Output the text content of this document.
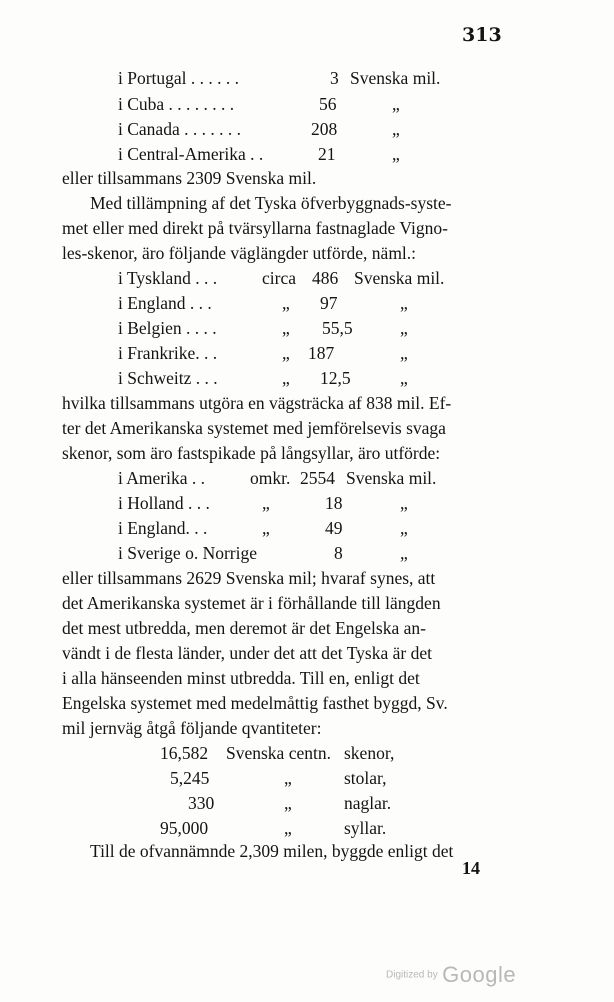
313
i Portugal . . . . . .	3 Svenska mil.
i Cuba . . . . . . . .	56	„
i Canada . . . . . . .	208	„
i Central-Amerika . .	21	„
eller tillsammans 2309 Svenska mil.
Med tillämpning af det Tyska öfverbyggnads-syste-
met eller med direkt på tvärsyllarna fastnaglade Vigno-
les-skenor, äro följande väglängder utförde, näml.:
i Tyskland . . .	circa 486 Svenska mil.
i England . . .	„ 97	„
i Belgien . . . .	„ 55,5	„
i Frankrike. . .	„ 187	„
i Schweitz . . .	„ 12,5	„
hvilka tillsammans utgöra en vägsträcka af 838 mil. Ef-
ter det Amerikanska systemet med jemförelsevis svaga
skenor, som äro fastspikade på långsyllar, äro utförde:
i Amerika . .	omkr. 2554 Svenska mil.
i Holland . . .	„	18	„
i England. . .	„	49	„
i Sverige o. Norrige	8	„
eller tillsammans 2629 Svenska mil; hvaraf synes, att
det Amerikanska systemet är i förhållande till längden
det mest utbredda, men deremot är det Engelska an-
vändt i de flesta länder, under det att det Tyska är det
i alla hänseenden minst utbredda. Till en, enligt det
Engelska systemet med medelmåttig fasthet byggd, Sv.
mil jernväg åtgå följande qvantiteter:
16,582 Svenska centn. skenor,
5,245	„	stolar,
330	„	naglar.
95,000	„	syllar.
Till de ofvannämnde 2,309 milen, byggde enligt det
14
Digitized by Google
